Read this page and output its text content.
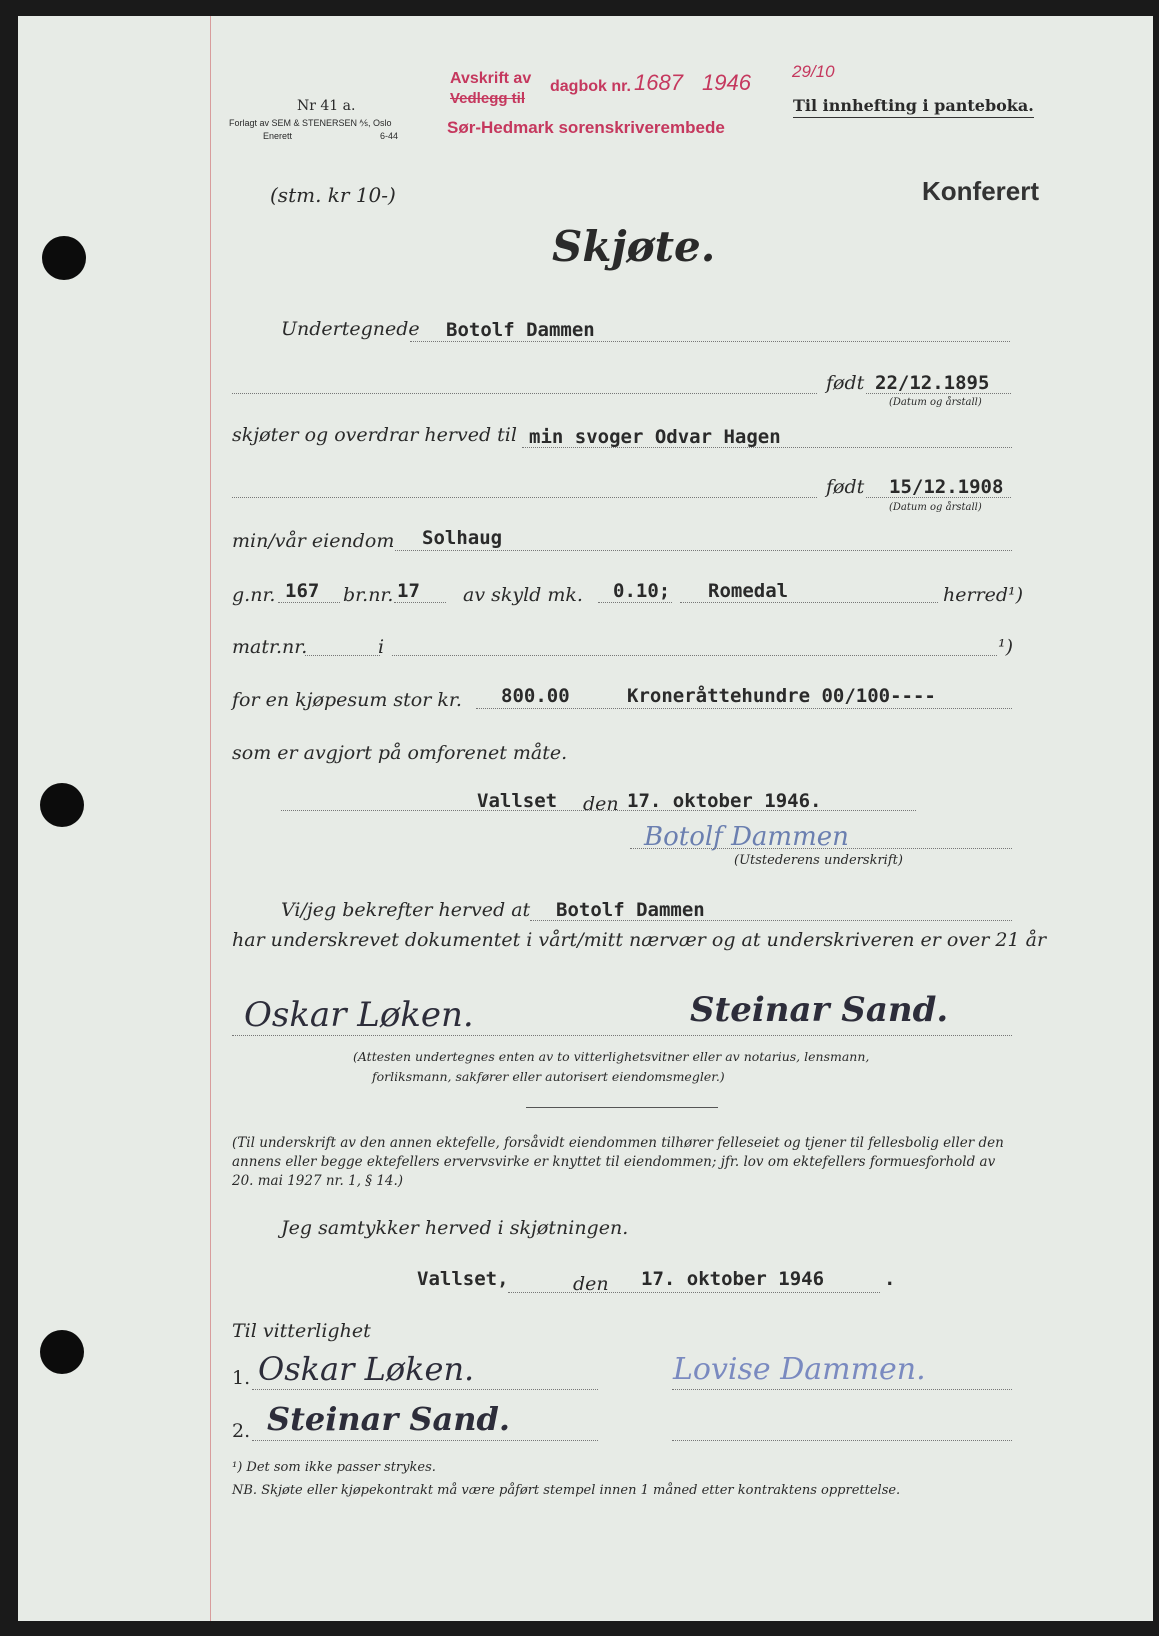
Nr 41 a.
Forlagt av SEM & STENERSEN ⅍, Oslo
Enerett	6-44
Avskrift av
Vedlegg til
dagbok nr. 1687 1946 29/10
Sør-Hedmark sorenskriverembede
Til innhefting i panteboka.
(stm. kr 10-)	Konferert
Skjøte.
Undertegnede Botolf Dammen
født 22/12.1895
(Datum og årstall)
skjøter og overdrar herved til min svoger Odvar Hagen
født 15/12.1908
(Datum og årstall)
min/vår eiendom Solhaug
g.nr. 167 br.nr. 17 av skyld mk. 0.10; Romedal	herred¹)
matr.nr.	i	¹)
for en kjøpesum stor kr. 800.00	Kroneråttehundre 00/100----
som er avgjort på omforenet måte.
Vallset den 17. oktober 1946.
Botolf Dammen
(Utstederens underskrift)
Vi/jeg bekrefter herved at Botolf Dammen
har underskrevet dokumentet i vårt/mitt nærvær og at underskriveren er over 21 år
Oskar Løken.	Steinar Sand.
(Attesten undertegnes enten av to vitterlighetsvitner eller av notarius, lensmann,
forliksmann, sakfører eller autorisert eiendomsmegler.)
(Til underskrift av den annen ektefelle, forsåvidt eiendommen tilhører felleseiet og tjener til fellesbolig eller den annens eller begge ektefellers ervervsvirke er knyttet til eiendommen; jfr. lov om ektefellers formuesforhold av 20. mai 1927 nr. 1, § 14.)
Jeg samtykker herved i skjøtningen.
Vallset,	den 17. oktober 1946	.
Til vitterlighet
1. Oskar Løken.	Lovise Dammen.
2. Steinar Sand.
¹) Det som ikke passer strykes.
NB. Skjøte eller kjøpekontrakt må være påført stempel innen 1 måned etter kontraktens opprettelse.
